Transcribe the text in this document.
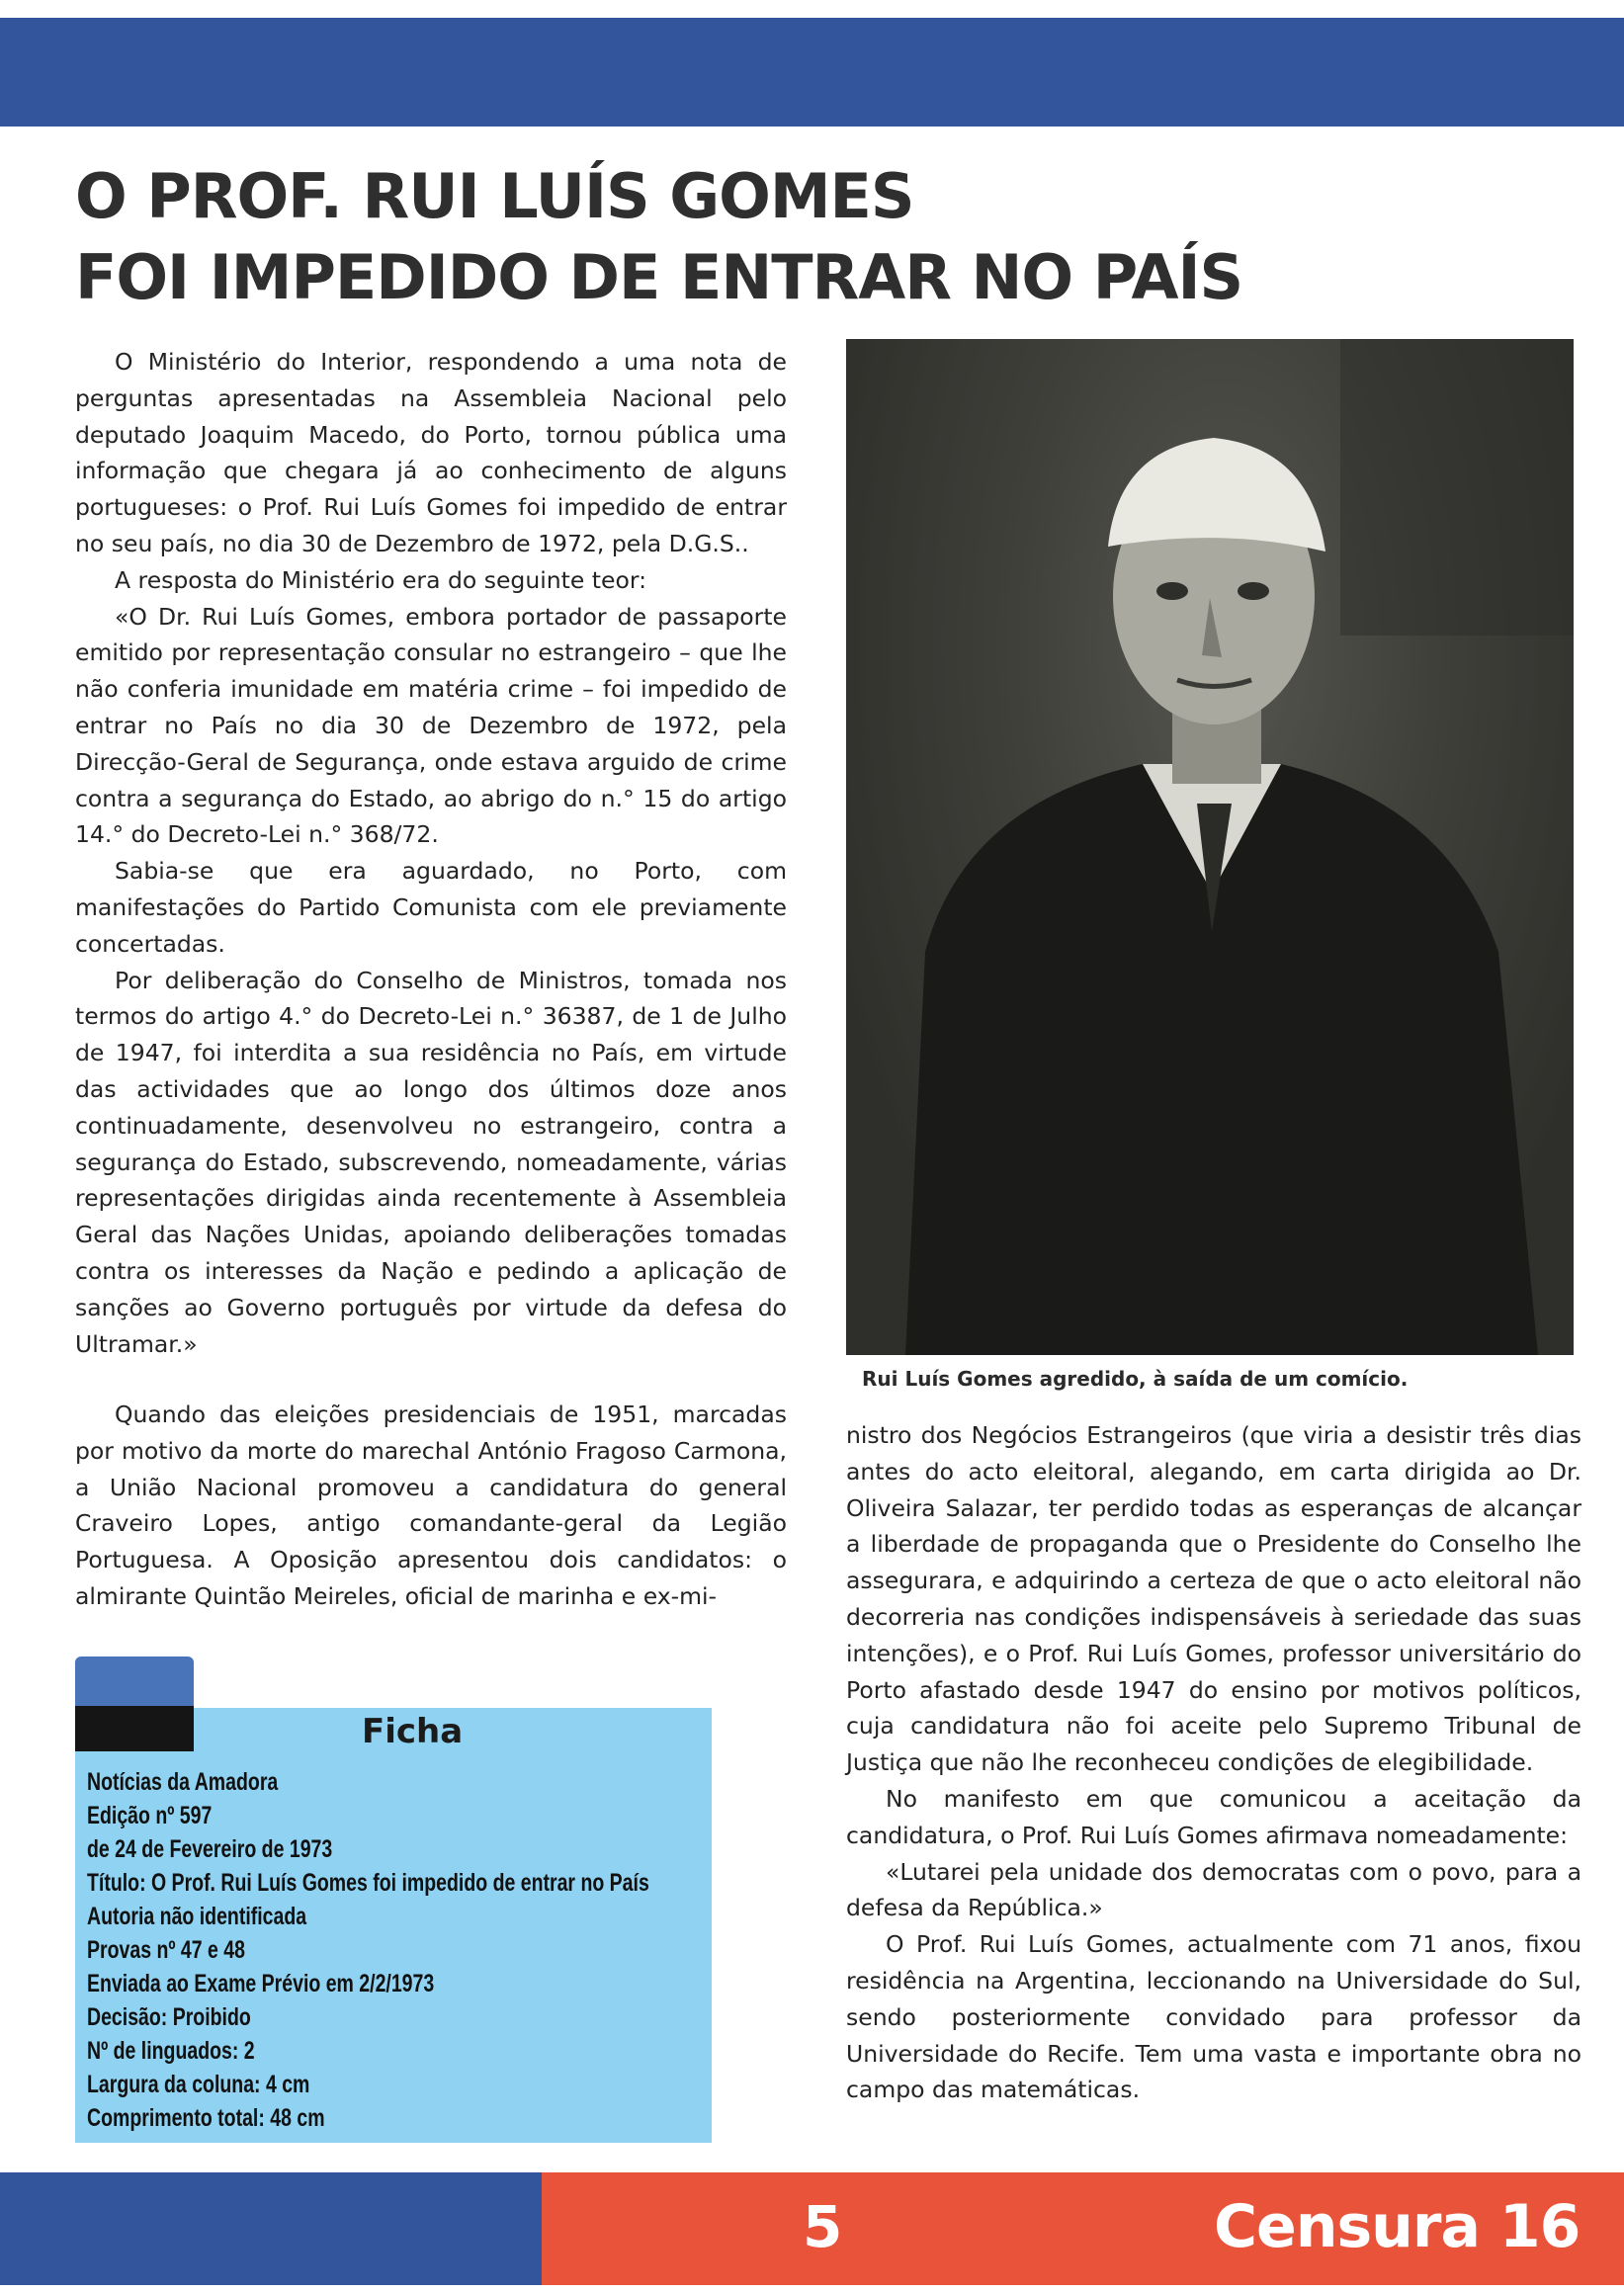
O PROF. RUI LUÍS GOMES
FOI IMPEDIDO DE ENTRAR NO PAÍS

O Ministério do Interior, respondendo a uma nota de perguntas apresentadas na Assembleia Nacional pelo deputado Joaquim Macedo, do Porto, tornou pública uma informação que chegara já ao conhecimento de alguns portugueses: o Prof. Rui Luís Gomes foi impedido de entrar no seu país, no dia 30 de Dezembro de 1972, pela D.G.S..

A resposta do Ministério era do seguinte teor:

«O Dr. Rui Luís Gomes, embora portador de passaporte emitido por representação consular no estrangeiro – que lhe não conferia imunidade em matéria crime – foi impedido de entrar no País no dia 30 de Dezembro de 1972, pela Direcção-Geral de Segurança, onde estava arguido de crime contra a segurança do Estado, ao abrigo do n.° 15 do artigo 14.° do Decreto-Lei n.° 368/72.

Sabia-se que era aguardado, no Porto, com manifestações do Partido Comunista com ele previamente concertadas.

Por deliberação do Conselho de Ministros, tomada nos termos do artigo 4.° do Decreto-Lei n.° 36387, de 1 de Julho de 1947, foi interdita a sua residência no País, em virtude das actividades que ao longo dos últimos doze anos continuadamente, desenvolveu no estrangeiro, contra a segurança do Estado, subscrevendo, nomeadamente, várias representações dirigidas ainda recentemente à Assembleia Geral das Nações Unidas, apoiando deliberações tomadas contra os interesses da Nação e pedindo a aplicação de sanções ao Governo português por virtude da defesa do Ultramar.»

Quando das eleições presidenciais de 1951, marcadas por motivo da morte do marechal António Fragoso Carmona, a União Nacional promoveu a candidatura do general Craveiro Lopes, antigo comandante-geral da Legião Portuguesa. A Oposição apresentou dois candidatos: o almirante Quintão Meireles, oficial de marinha e ex-mi-

Rui Luís Gomes agredido, à saída de um comício.

nistro dos Negócios Estrangeiros (que viria a desistir três dias antes do acto eleitoral, alegando, em carta dirigida ao Dr. Oliveira Salazar, ter perdido todas as esperanças de alcançar a liberdade de propaganda que o Presidente do Conselho lhe assegurara, e adquirindo a certeza de que o acto eleitoral não decorreria nas condições indispensáveis à seriedade das suas intenções), e o Prof. Rui Luís Gomes, professor universitário do Porto afastado desde 1947 do ensino por motivos políticos, cuja candidatura não foi aceite pelo Supremo Tribunal de Justiça que não lhe reconheceu condições de elegibilidade.

No manifesto em que comunicou a aceitação da candidatura, o Prof. Rui Luís Gomes afirmava nomeadamente:

«Lutarei pela unidade dos democratas com o povo, para a defesa da República.»

O Prof. Rui Luís Gomes, actualmente com 71 anos, fixou residência na Argentina, leccionando na Universidade do Sul, sendo posteriormente convidado para professor da Universidade do Recife. Tem uma vasta e importante obra no campo das matemáticas.

Ficha
Notícias da Amadora
Edição nº 597
de 24 de Fevereiro de 1973
Título: O Prof. Rui Luís Gomes foi impedido de entrar no País
Autoria não identificada
Provas nº 47 e 48
Enviada ao Exame Prévio em 2/2/1973
Decisão: Proibido
Nº de linguados: 2
Largura da coluna: 4 cm
Comprimento total: 48 cm
5	Censura 16
